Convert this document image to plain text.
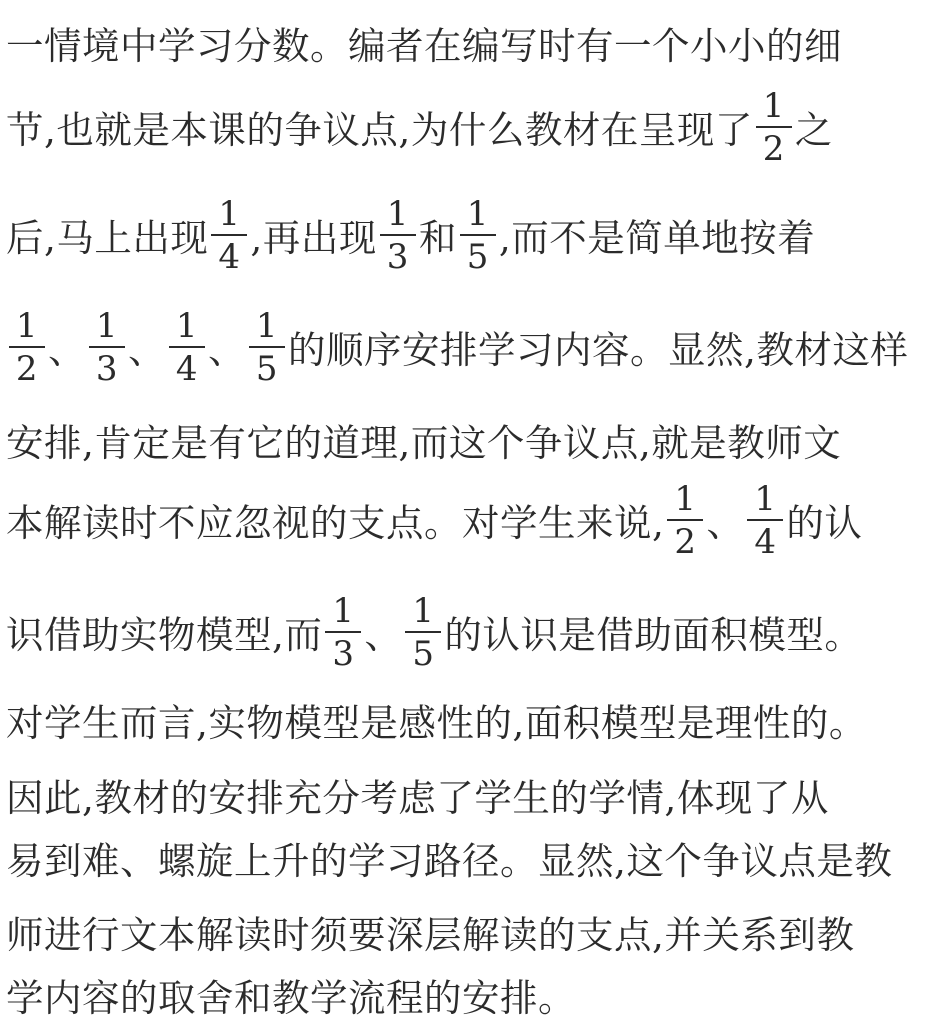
一情境中学习分数。编者在编写时有一个小小的细
节,也就是本课的争议点,为什么教材在呈现了 $\frac{1}{2}$ 之
后,马上出现 $\frac{1}{4}$ ,再出现 $\frac{1}{3}$ 和 $\frac{1}{5}$ ,而不是简单地按着
$\frac{1}{2}$ 、 $\frac{1}{3}$ 、 $\frac{1}{4}$ 、 $\frac{1}{5}$ 的顺序安排学习内容。显然,教材这样
安排,肯定是有它的道理,而这个争议点,就是教师文
本解读时不应忽视的支点。对学生来说, $\frac{1}{2}$ 、 $\frac{1}{4}$ 的认
识借助实物模型,而 $\frac{1}{3}$ 、 $\frac{1}{5}$ 的认识是借助面积模型。
对学生而言,实物模型是感性的,面积模型是理性的。
因此,教材的安排充分考虑了学生的学情,体现了从
易到难、螺旋上升的学习路径。显然,这个争议点是教
师进行文本解读时须要深层解读的支点,并关系到教
学内容的取舍和教学流程的安排。
